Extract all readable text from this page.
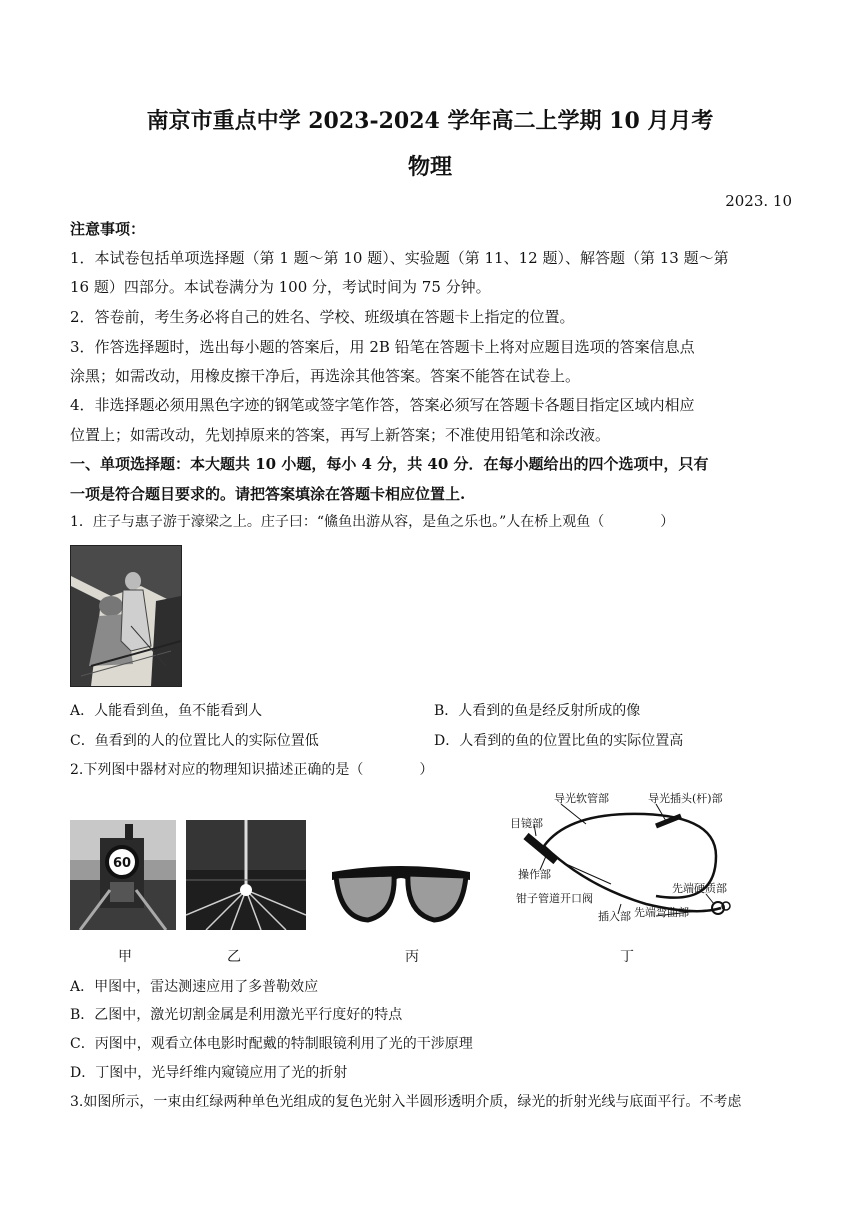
南京市重点中学 2023-2024 学年高二上学期 10 月月考
物理
2023. 10
注意事项：
1．本试卷包括单项选择题（第 1 题～第 10 题）、实验题（第 11、12 题）、解答题（第 13 题～第
16 题）四部分。本试卷满分为 100 分，考试时间为 75 分钟。
2．答卷前，考生务必将自己的姓名、学校、班级填在答题卡上指定的位置。
3．作答选择题时，选出每小题的答案后，用 2B 铅笔在答题卡上将对应题目选项的答案信息点
涂黑；如需改动，用橡皮擦干净后，再选涂其他答案。答案不能答在试卷上。
4．非选择题必须用黑色字迹的钢笔或签字笔作答，答案必须写在答题卡各题目指定区域内相应
位置上；如需改动，先划掉原来的答案，再写上新答案；不准使用铅笔和涂改液。
一、单项选择题：本大题共 10 小题，每小 4 分，共 40 分．在每小题给出的四个选项中，只有
一项是符合题目要求的。请把答案填涂在答题卡相应位置上.
1．庄子与惠子游于濠梁之上。庄子曰：“鯈鱼出游从容，是鱼之乐也。”人在桥上观鱼（　　　　）
A．人能看到鱼，鱼不能看到人	B．人看到的鱼是经反射所成的像
C．鱼看到的人的位置比人的实际位置低	D．人看到的鱼的位置比鱼的实际位置高
2.下列图中器材对应的物理知识描述正确的是（　　　　）
60
导光软管部	导光插头(杆)部
目镜部
操作部
钳子管道开口阀
插入部
先端硬质部
先端弯曲部
甲	乙	丙	丁
A．甲图中，雷达测速应用了多普勒效应
B．乙图中，激光切割金属是利用激光平行度好的特点
C．丙图中，观看立体电影时配戴的特制眼镜利用了光的干涉原理
D．丁图中，光导纤维内窥镜应用了光的折射
3.如图所示，一束由红绿两种单色光组成的复色光射入半圆形透明介质，绿光的折射光线与底面平行。不考虑
